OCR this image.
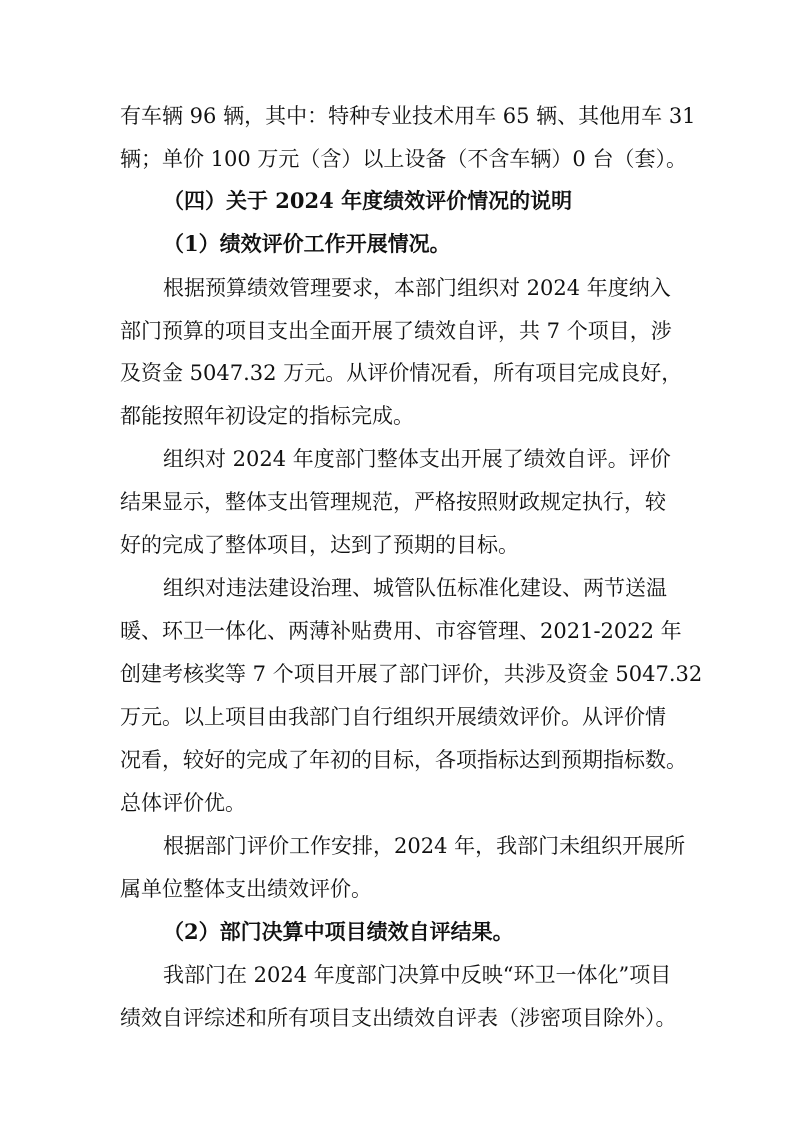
有车辆 96 辆，其中：特种专业技术用车 65 辆、其他用车 31
辆；单价 100 万元（含）以上设备（不含车辆）0 台（套）。
（四）关于 2024 年度绩效评价情况的说明
（1）绩效评价工作开展情况。
根据预算绩效管理要求，本部门组织对 2024 年度纳入
部门预算的项目支出全面开展了绩效自评，共 7 个项目，涉
及资金 5047.32 万元。从评价情况看，所有项目完成良好，
都能按照年初设定的指标完成。
组织对 2024 年度部门整体支出开展了绩效自评。评价
结果显示，整体支出管理规范，严格按照财政规定执行，较
好的完成了整体项目，达到了预期的目标。
组织对违法建设治理、城管队伍标准化建设、两节送温
暖、环卫一体化、两薄补贴费用、市容管理、2021-2022 年
创建考核奖等 7 个项目开展了部门评价，共涉及资金 5047.32
万元。以上项目由我部门自行组织开展绩效评价。从评价情
况看，较好的完成了年初的目标，各项指标达到预期指标数。
总体评价优。
根据部门评价工作安排，2024 年，我部门未组织开展所
属单位整体支出绩效评价。
（2）部门决算中项目绩效自评结果。
我部门在 2024 年度部门决算中反映“环卫一体化”项目
绩效自评综述和所有项目支出绩效自评表（涉密项目除外）。
